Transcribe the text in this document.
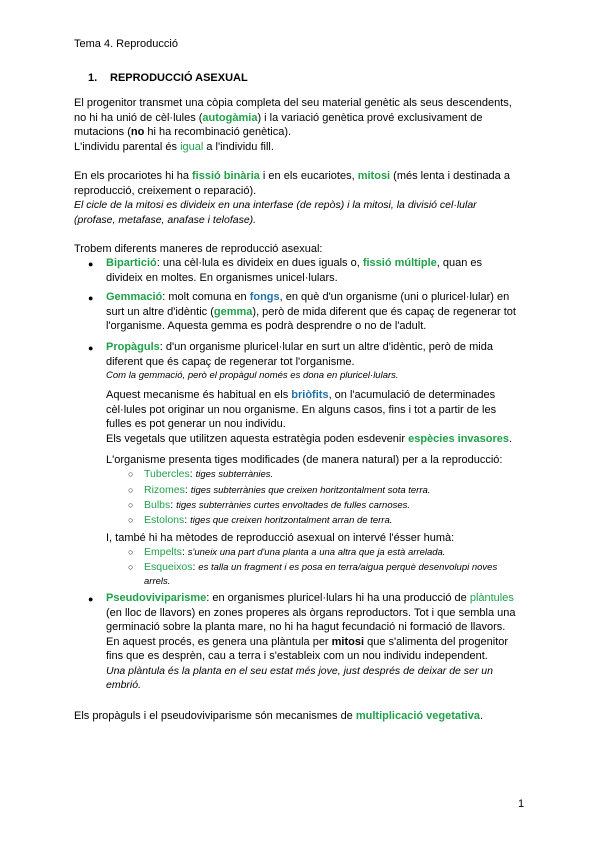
Tema 4. Reproducció
1. REPRODUCCIÓ ASEXUAL
El progenitor transmet una còpia completa del seu material genètic als seus descendents,
no hi ha unió de cèl·lules (autogàmia) i la variació genètica prové exclusivament de
mutacions (no hi ha recombinació genètica).
L'individu parental és igual a l'individu fill.
En els procariotes hi ha fissió binària i en els eucariotes, mitosi (més lenta i destinada a
reproducció, creixement o reparació).
El cicle de la mitosi es divideix en una interfase (de repòs) i la mitosi, la divisió cel·lular
(profase, metafase, anafase i telofase).
Trobem diferents maneres de reproducció asexual:
● Bipartició: una cèl·lula es divideix en dues iguals o, fissió múltiple, quan es
divideix en moltes. En organismes unicel·lulars.
● Gemmació: molt comuna en fongs, en què d'un organisme (uni o pluricel·lular) en
surt un altre d'idèntic (gemma), però de mida diferent que és capaç de regenerar tot
l'organisme. Aquesta gemma es podrà desprendre o no de l'adult.
● Propàguls: d'un organisme pluricel·lular en surt un altre d'idèntic, però de mida
diferent que és capaç de regenerar tot l'organisme.
Com la gemmació, però el propàgul només es dona en pluricel·lulars.
Aquest mecanisme és habitual en els briòfits, on l'acumulació de determinades
cèl·lules pot originar un nou organisme. En alguns casos, fins i tot a partir de les
fulles es pot generar un nou individu.
Els vegetals que utilitzen aquesta estratègia poden esdevenir espècies invasores.
L'organisme presenta tiges modificades (de manera natural) per a la reproducció:
○ Tubercles: tiges subterrànies.
○ Rizomes: tiges subterrànies que creixen horitzontalment sota terra.
○ Bulbs: tiges subterrànies curtes envoltades de fulles carnoses.
○ Estolons: tiges que creixen horitzontalment arran de terra.
I, també hi ha mètodes de reproducció asexual on intervé l'ésser humà:
○ Empelts: s'uneix una part d'una planta a una altra que ja està arrelada.
○ Esqueixos: es talla un fragment i es posa en terra/aigua perquè desenvolupi noves
arrels.
● Pseudoviviparisme: en organismes pluricel·lulars hi ha una producció de plàntules
(en lloc de llavors) en zones properes als òrgans reproductors. Tot i que sembla una
germinació sobre la planta mare, no hi ha hagut fecundació ni formació de llavors.
En aquest procés, es genera una plàntula per mitosi que s'alimenta del progenitor
fins que es desprèn, cau a terra i s'estableix com un nou individu independent.
Una plàntula és la planta en el seu estat més jove, just després de deixar de ser un
embrió.
Els propàguls i el pseudoviviparisme són mecanismes de multiplicació vegetativa.
1
